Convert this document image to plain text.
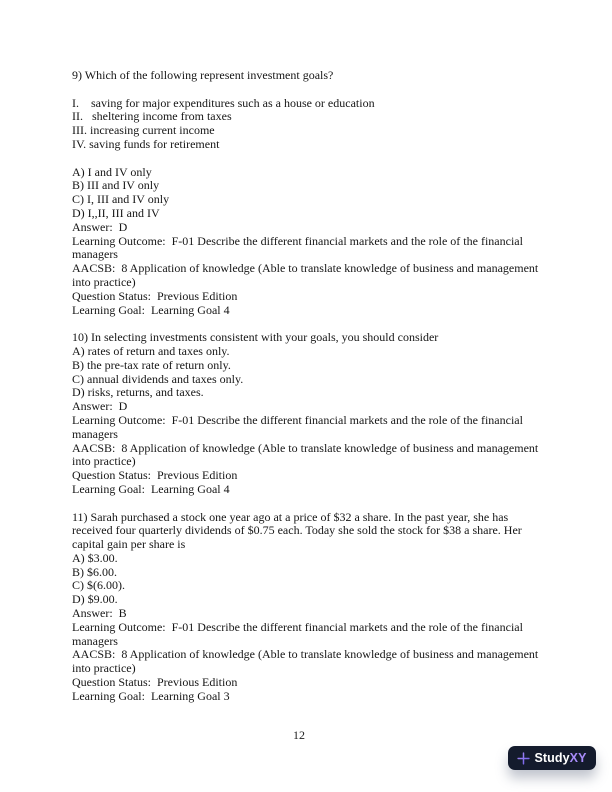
9) Which of the following represent investment goals?

I.    saving for major expenditures such as a house or education
II.   sheltering income from taxes
III. increasing current income
IV. saving funds for retirement

A) I and IV only
B) III and IV only
C) I, III and IV only
D) I,,II, III and IV
Answer:  D
Learning Outcome:  F-01 Describe the different financial markets and the role of the financial
managers
AACSB:  8 Application of knowledge (Able to translate knowledge of business and management
into practice)
Question Status:  Previous Edition
Learning Goal:  Learning Goal 4

10) In selecting investments consistent with your goals, you should consider
A) rates of return and taxes only.
B) the pre-tax rate of return only.
C) annual dividends and taxes only.
D) risks, returns, and taxes.
Answer:  D
Learning Outcome:  F-01 Describe the different financial markets and the role of the financial
managers
AACSB:  8 Application of knowledge (Able to translate knowledge of business and management
into practice)
Question Status:  Previous Edition
Learning Goal:  Learning Goal 4

11) Sarah purchased a stock one year ago at a price of $32 a share. In the past year, she has
received four quarterly dividends of $0.75 each. Today she sold the stock for $38 a share. Her
capital gain per share is
A) $3.00.
B) $6.00.
C) $(6.00).
D) $9.00.
Answer:  B
Learning Outcome:  F-01 Describe the different financial markets and the role of the financial
managers
AACSB:  8 Application of knowledge (Able to translate knowledge of business and management
into practice)
Question Status:  Previous Edition
Learning Goal:  Learning Goal 3
12
StudyXY
